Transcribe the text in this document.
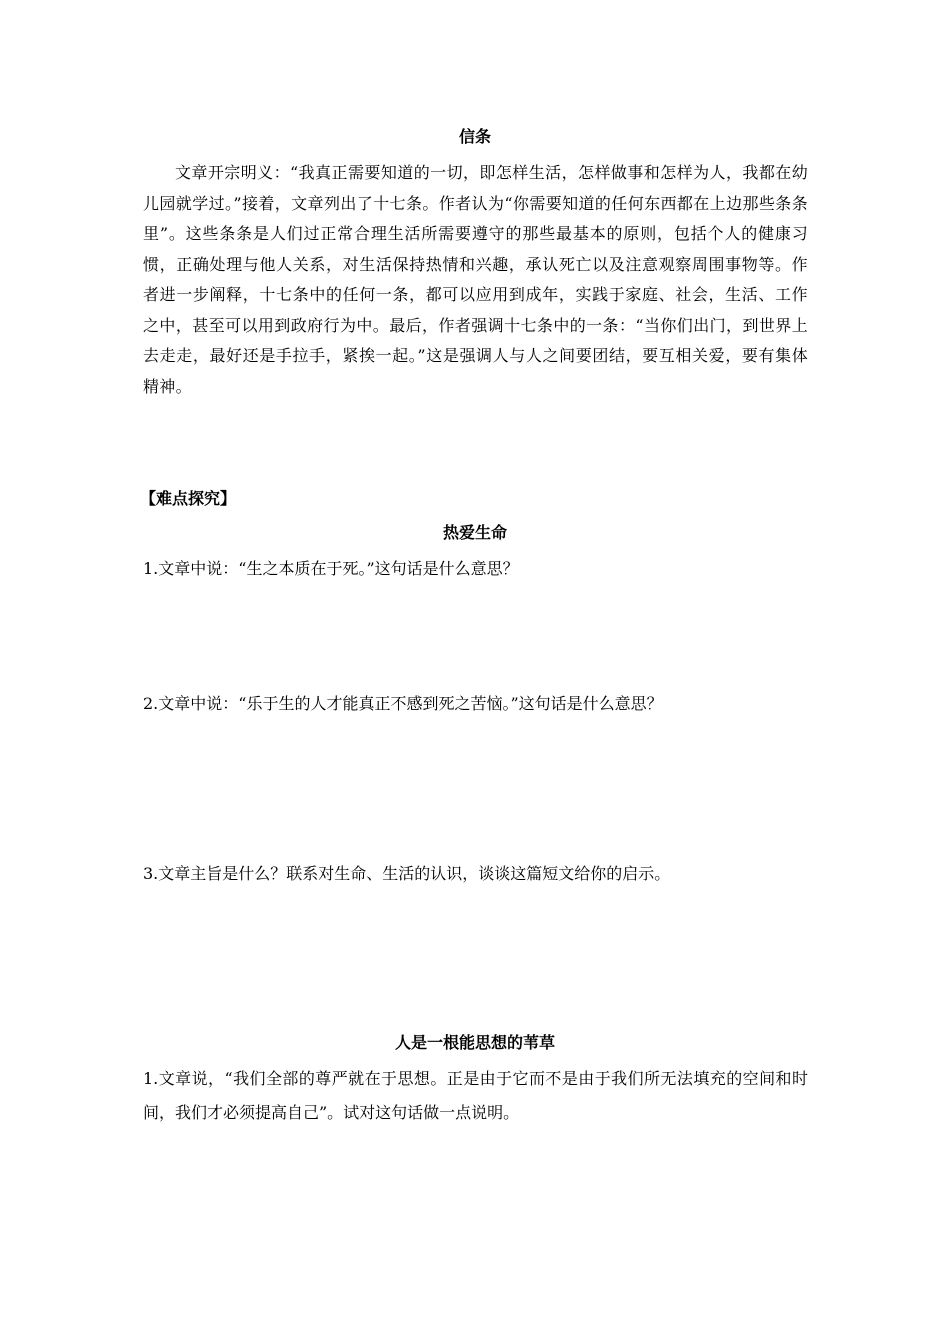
信条
文章开宗明义：“我真正需要知道的一切，即怎样生活，怎样做事和怎样为人，我都在幼儿园就学过。”接着，文章列出了十七条。作者认为“你需要知道的任何东西都在上边那些条条里”。这些条条是人们过正常合理生活所需要遵守的那些最基本的原则，包括个人的健康习惯，正确处理与他人关系，对生活保持热情和兴趣，承认死亡以及注意观察周围事物等。作者进一步阐释，十七条中的任何一条，都可以应用到成年，实践于家庭、社会，生活、工作之中，甚至可以用到政府行为中。最后，作者强调十七条中的一条：“当你们出门，到世界上去走走，最好还是手拉手，紧挨一起。”这是强调人与人之间要团结，要互相关爱，要有集体精神。
【难点探究】
热爱生命
1.文章中说：“生之本质在于死。”这句话是什么意思？
2.文章中说：“乐于生的人才能真正不感到死之苦恼。”这句话是什么意思？
3.文章主旨是什么？联系对生命、生活的认识，谈谈这篇短文给你的启示。
人是一根能思想的苇草
1.文章说，“我们全部的尊严就在于思想。正是由于它而不是由于我们所无法填充的空间和时间，我们才必须提高自己”。试对这句话做一点说明。
